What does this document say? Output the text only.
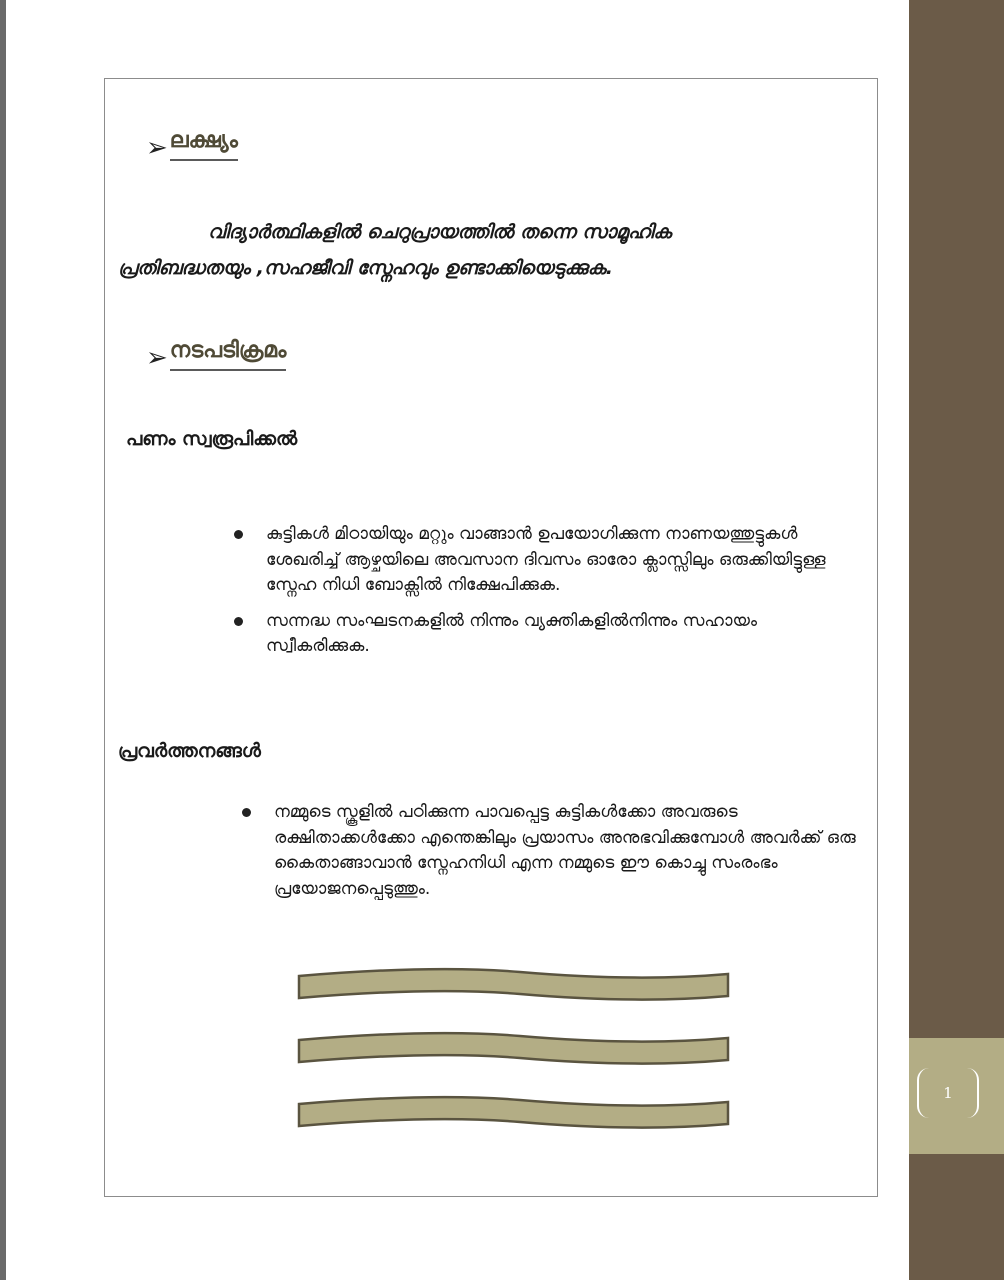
1
➢ ലക്ഷ്യം

വിദ്യാർത്ഥികളിൽ ചെറുപ്രായത്തിൽ തന്നെ സാമൂഹിക

പ്രതിബദ്ധതയും ,സഹജീവി സ്നേഹവും ഉണ്ടാക്കിയെടുക്കുക.

➢ നടപടിക്രമം
പണം സ്വരൂപിക്കൽ
കുട്ടികൾ മിഠായിയും മറ്റും വാങ്ങാൻ ഉപയോഗിക്കുന്ന നാണയത്തുട്ടുകൾ ശേഖരിച്ച് ആഴ്ചയിലെ അവസാന ദിവസം ഓരോ ക്ലാസ്സിലും ഒരുക്കിയിട്ടുള്ള സ്നേഹ നിധി ബോക്സിൽ നിക്ഷേപിക്കുക.
സന്നദ്ധ സംഘടനകളിൽ നിന്നും വ്യക്തികളിൽനിന്നും സഹായം സ്വീകരിക്കുക.
പ്രവർത്തനങ്ങൾ
നമ്മുടെ സ്കൂളിൽ പഠിക്കുന്ന പാവപ്പെട്ട കുട്ടികൾക്കോ അവരുടെ രക്ഷിതാക്കൾക്കോ എന്തെങ്കിലും പ്രയാസം അനുഭവിക്കുമ്പോൾ അവർക്ക് ഒരു കൈതാങ്ങാവാൻ സ്നേഹനിധി എന്ന നമ്മുടെ ഈ കൊച്ചു സംരംഭം പ്രയോജനപ്പെടുത്തും.
